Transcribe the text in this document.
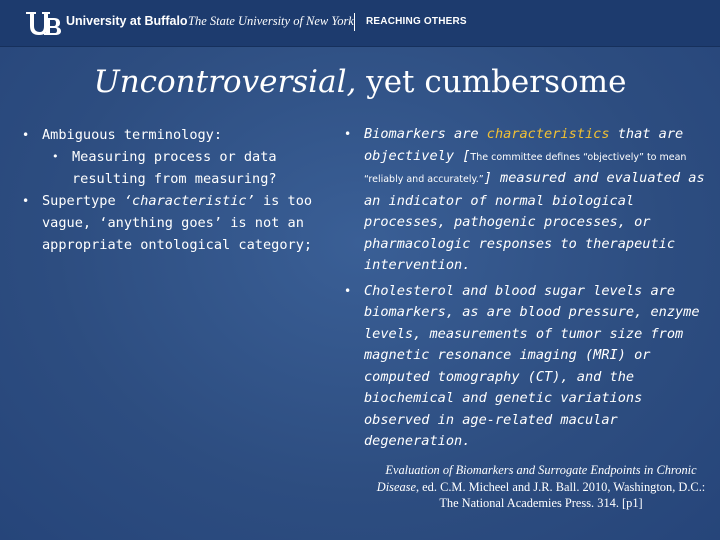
University at Buffalo The State University of New York REACHING OTHERS
Uncontroversial, yet cumbersome
• Ambiguous terminology:
• Measuring process or data resulting from measuring?
• Supertype ‘characteristic’ is too vague, ‘anything goes’ is not an appropriate ontological category;
• Biomarkers are characteristics that are objectively [The committee defines “objectively” to mean “reliably and accurately.”] measured and evaluated as an indicator of normal biological processes, pathogenic processes, or pharmacologic responses to therapeutic intervention.
• Cholesterol and blood sugar levels are biomarkers, as are blood pressure, enzyme levels, measurements of tumor size from magnetic resonance imaging (MRI) or computed tomography (CT), and the biochemical and genetic variations observed in age-related macular degeneration.
Evaluation of Biomarkers and Surrogate Endpoints in Chronic Disease, ed. C.M. Micheel and J.R. Ball. 2010, Washington, D.C.: The National Academies Press. 314. [p1]
